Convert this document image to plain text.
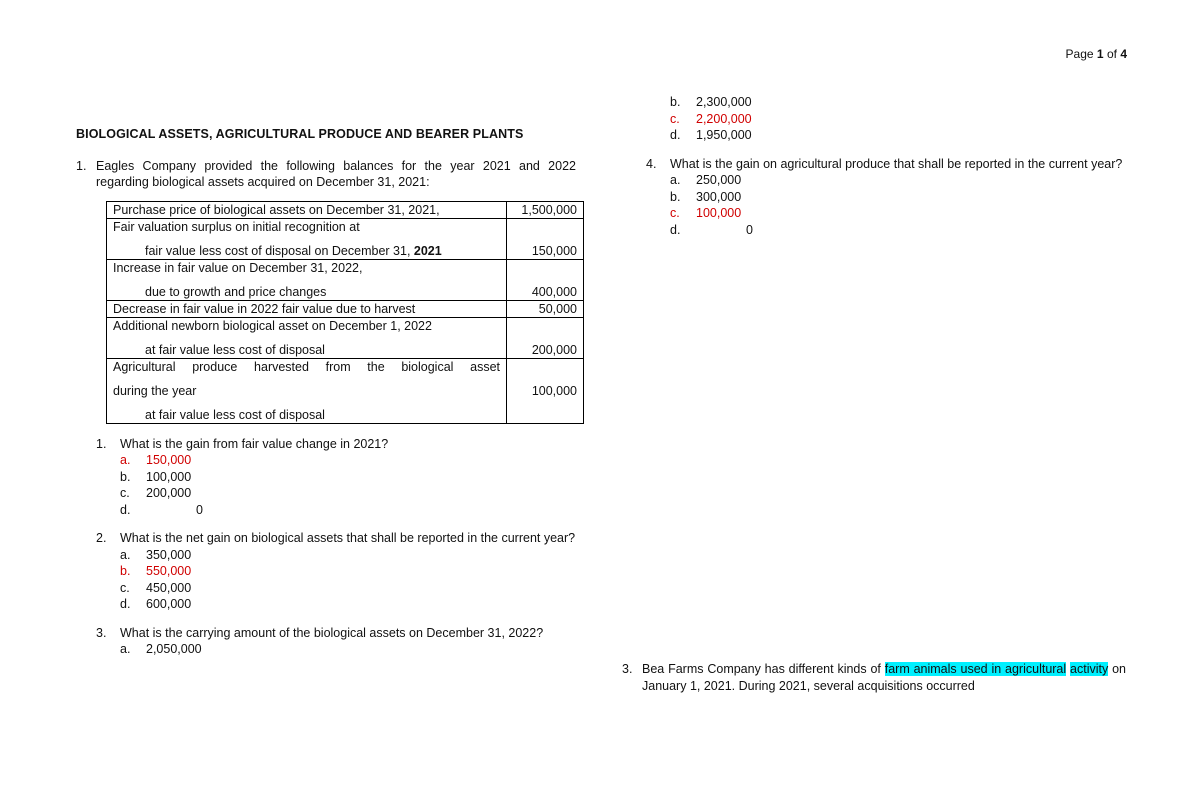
Page 1 of 4
BIOLOGICAL ASSETS, AGRICULTURAL PRODUCE AND BEARER PLANTS
1. Eagles Company provided the following balances for the year 2021 and 2022 regarding biological assets acquired on December 31, 2021:
Purchase price of biological assets on December 31, 2021,	1,500,000

Fair valuation surplus on initial recognition at
fair value less cost of disposal on December 31, 2021	150,000

Increase in fair value on December 31, 2022,
due to growth and price changes	400,000
Decrease in fair value in 2022 fair value due to harvest	50,000

Additional newborn biological asset on December 1, 2022
at fair value less cost of disposal	200,000

Agricultural produce harvested from the biological asset
during the year
at fair value less cost of disposal	100,000
1.	What is the gain from fair value change in 2021?
a.	150,000
b.	100,000
c.	200,000
d.	0
2.	What is the net gain on biological assets that shall be reported in the current year?
a.	350,000
b.	550,000
c.	450,000
d.	600,000
3.	What is the carrying amount of the biological assets on December 31, 2022?
a.	2,050,000
b.	2,300,000
c.	2,200,000
d.	1,950,000
4.	What is the gain on agricultural produce that shall be reported in the current year?
a.	250,000
b.	300,000
c.	100,000
d.	0
3. Bea Farms Company has different kinds of farm animals used in agricultural activity on January 1, 2021. During 2021, several acquisitions occurred
